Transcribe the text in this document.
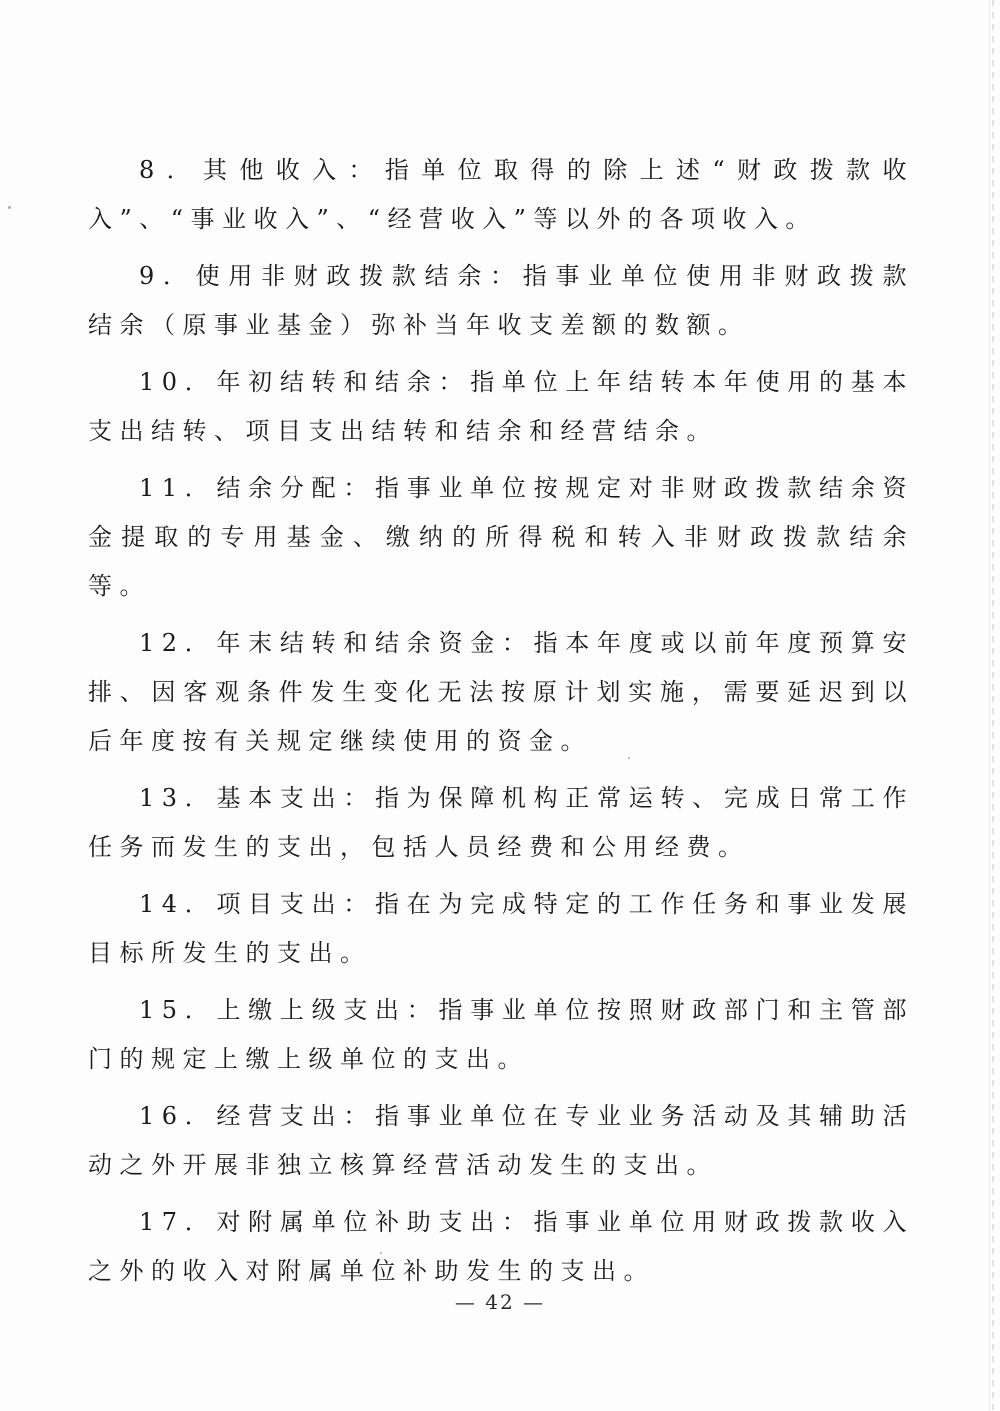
8．其他收入：指单位取得的除上述“财政拨款收入”、“事业收入”、“经营收入”等以外的各项收入。

9．使用非财政拨款结余：指事业单位使用非财政拨款结余（原事业基金）弥补当年收支差额的数额。

10．年初结转和结余：指单位上年结转本年使用的基本支出结转、项目支出结转和结余和经营结余。

11．结余分配：指事业单位按规定对非财政拨款结余资金提取的专用基金、缴纳的所得税和转入非财政拨款结余等。

12．年末结转和结余资金：指本年度或以前年度预算安排、因客观条件发生变化无法按原计划实施，需要延迟到以后年度按有关规定继续使用的资金。

13．基本支出：指为保障机构正常运转、完成日常工作任务而发生的支出，包括人员经费和公用经费。

14．项目支出：指在为完成特定的工作任务和事业发展目标所发生的支出。

15．上缴上级支出：指事业单位按照财政部门和主管部门的规定上缴上级单位的支出。

16．经营支出：指事业单位在专业业务活动及其辅助活动之外开展非独立核算经营活动发生的支出。

17．对附属单位补助支出：指事业单位用财政拨款收入之外的收入对附属单位补助发生的支出。

— 42 —
